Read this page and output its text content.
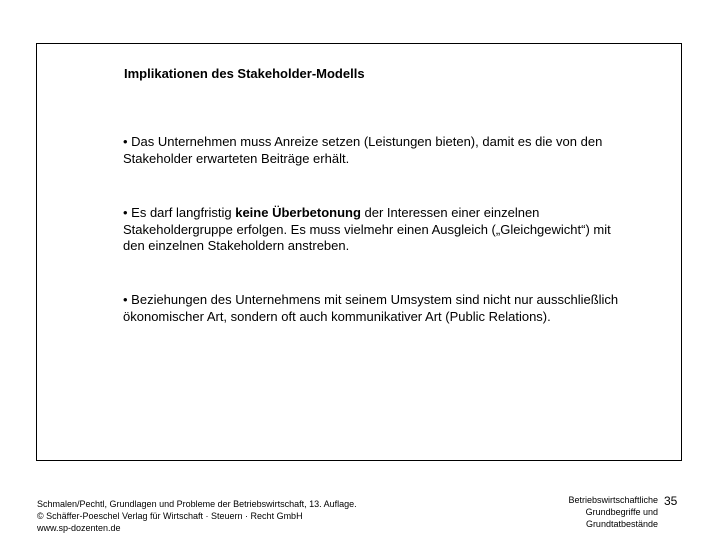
Implikationen des Stakeholder-Modells
• Das Unternehmen muss Anreize setzen (Leistungen bieten), damit es die von den Stakeholder erwarteten Beiträge erhält.
• Es darf langfristig keine Überbetonung der Interessen einer einzelnen Stakeholdergruppe erfolgen. Es muss vielmehr einen Ausgleich („Gleichgewicht“) mit den einzelnen Stakeholdern anstreben.
• Beziehungen des Unternehmens mit seinem Umsystem sind nicht nur ausschließlich ökonomischer Art, sondern oft auch kommunikativer Art (Public Relations).
Schmalen/Pechtl, Grundlagen und Probleme der Betriebswirtschaft, 13. Auflage.
© Schäffer-Poeschel Verlag für Wirtschaft · Steuern · Recht GmbH
www.sp-dozenten.de
Betriebswirtschaftliche
Grundbegriffe und
Grundtatbestände
35
